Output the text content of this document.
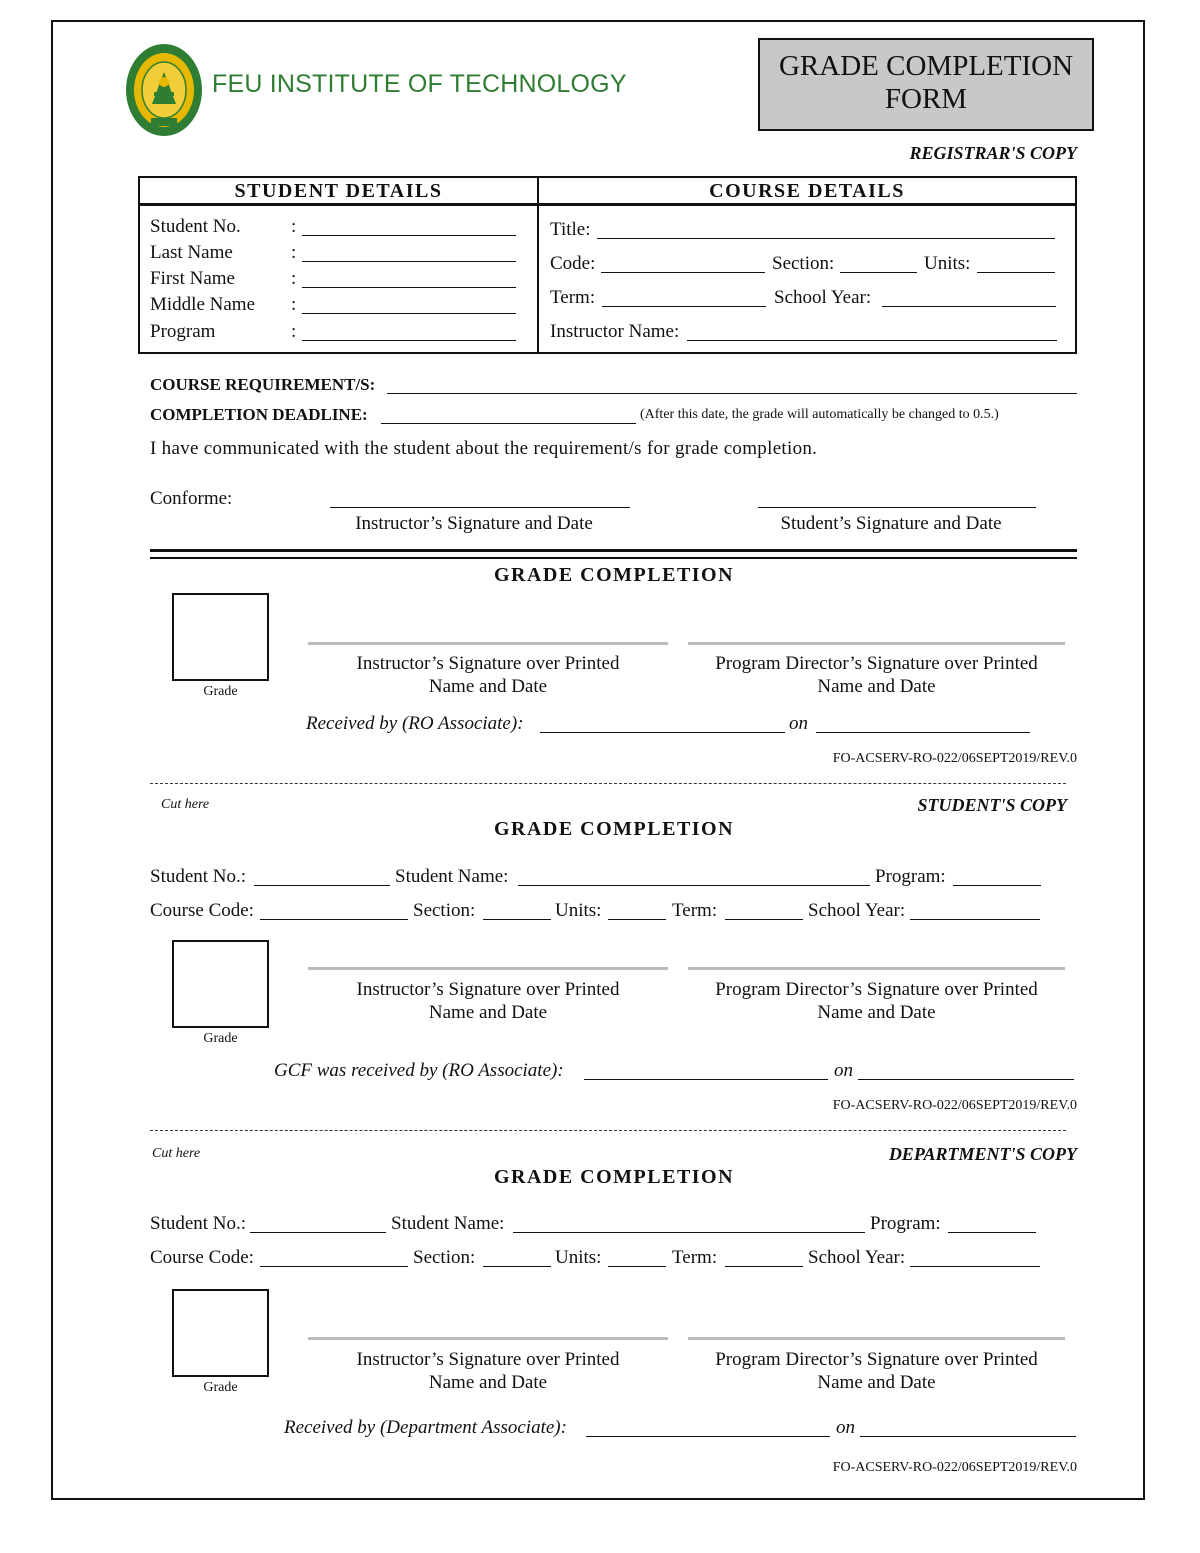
FEU INSTITUTE OF TECHNOLOGY
GRADE COMPLETION
FORM
REGISTRAR'S COPY
STUDENT DETAILS	COURSE DETAILS
Student No.	:
Last Name	:
First Name	:
Middle Name :
Program	:
Title:
Code:	Section:	Units:
Term:	School Year:
Instructor Name:
COURSE REQUIREMENT/S:
COMPLETION DEADLINE:	(After this date, the grade will automatically be changed to 0.5.)
I have communicated with the student about the requirement/s for grade completion.
Conforme:
Instructor’s Signature and Date	Student’s Signature and Date
GRADE COMPLETION
Grade
Instructor’s Signature over Printed
Name and Date
Program Director’s Signature over Printed
Name and Date
Received by (RO Associate):	on
FO-ACSERV-RO-022/06SEPT2019/REV.0
Cut here	STUDENT'S COPY
GRADE COMPLETION
Student No.:	Student Name:	Program:
Course Code:	Section:	Units:	Term:	School Year:
Grade
Instructor’s Signature over Printed
Name and Date
Program Director’s Signature over Printed
Name and Date
GCF was received by (RO Associate):	on
FO-ACSERV-RO-022/06SEPT2019/REV.0
Cut here	DEPARTMENT'S COPY
GRADE COMPLETION
Student No.:	Student Name:	Program:
Course Code:	Section:	Units:	Term:	School Year:
Grade
Instructor’s Signature over Printed
Name and Date
Program Director’s Signature over Printed
Name and Date
Received by (Department Associate):	on
FO-ACSERV-RO-022/06SEPT2019/REV.0
